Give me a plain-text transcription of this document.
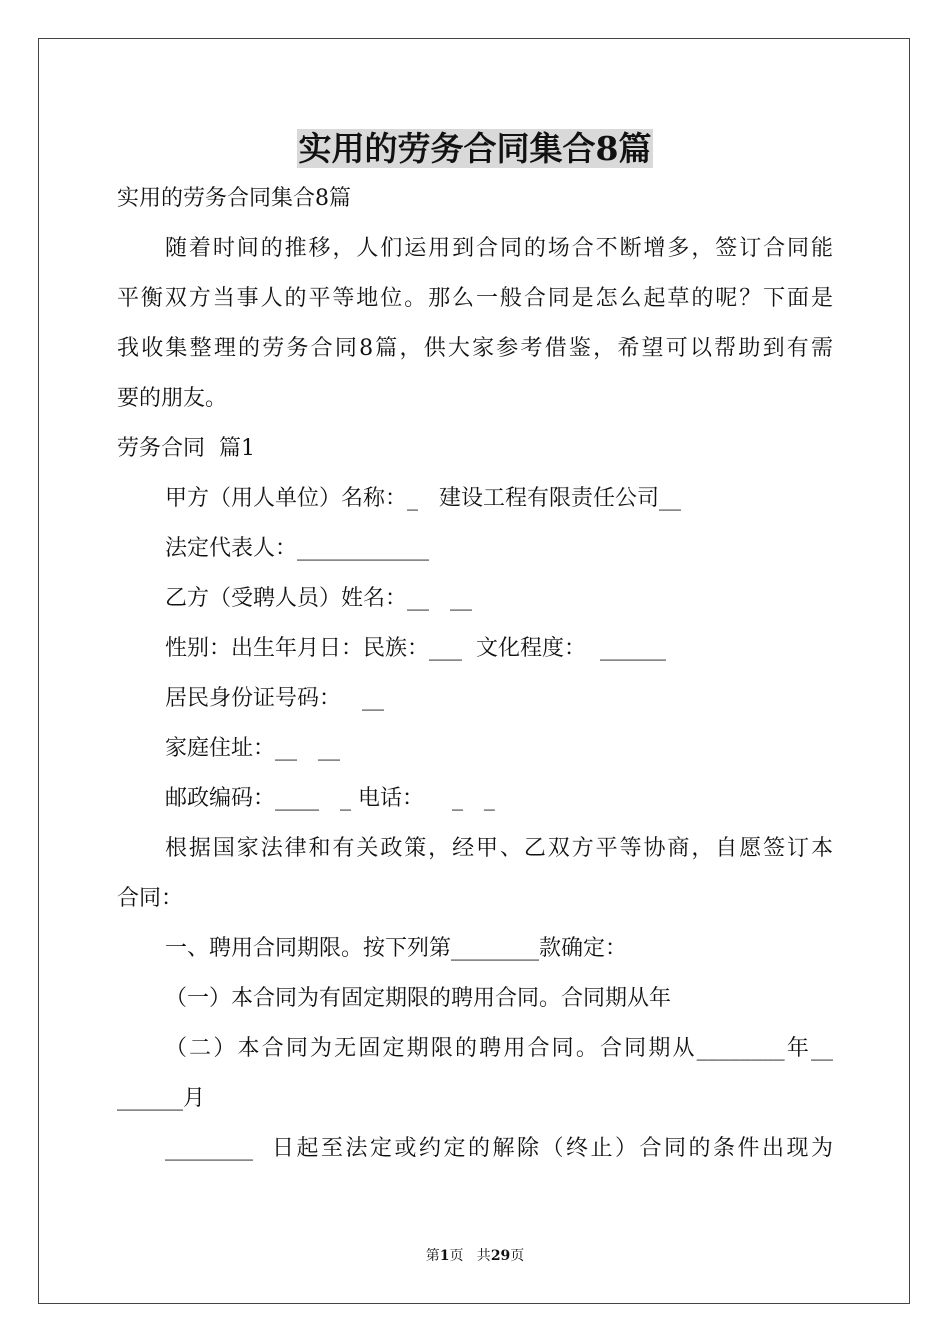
实用的劳务合同集合8篇
实用的劳务合同集合8篇
随着时间的推移，人们运用到合同的场合不断增多，签订合同能
平衡双方当事人的平等地位。那么一般合同是怎么起草的呢？下面是
我收集整理的劳务合同8篇，供大家参考借鉴，希望可以帮助到有需
要的朋友。
劳务合同  篇1
甲方（用人单位）名称：_   建设工程有限责任公司__
法定代表人：____________
乙方（受聘人员）姓名：__   __
性别：出生年月日：民族：___  文化程度：  ______
居民身份证号码：   __
家庭住址：__   __
邮政编码：____   _ 电话：    _   _
根据国家法律和有关政策，经甲、乙双方平等协商，自愿签订本
合同：
一、聘用合同期限。按下列第________款确定：
（一）本合同为有固定期限的聘用合同。合同期从年
（二）本合同为无固定期限的聘用合同。合同期从________年__
______月
________  日起至法定或约定的解除（终止）合同的条件出现为
第1页   共29页
